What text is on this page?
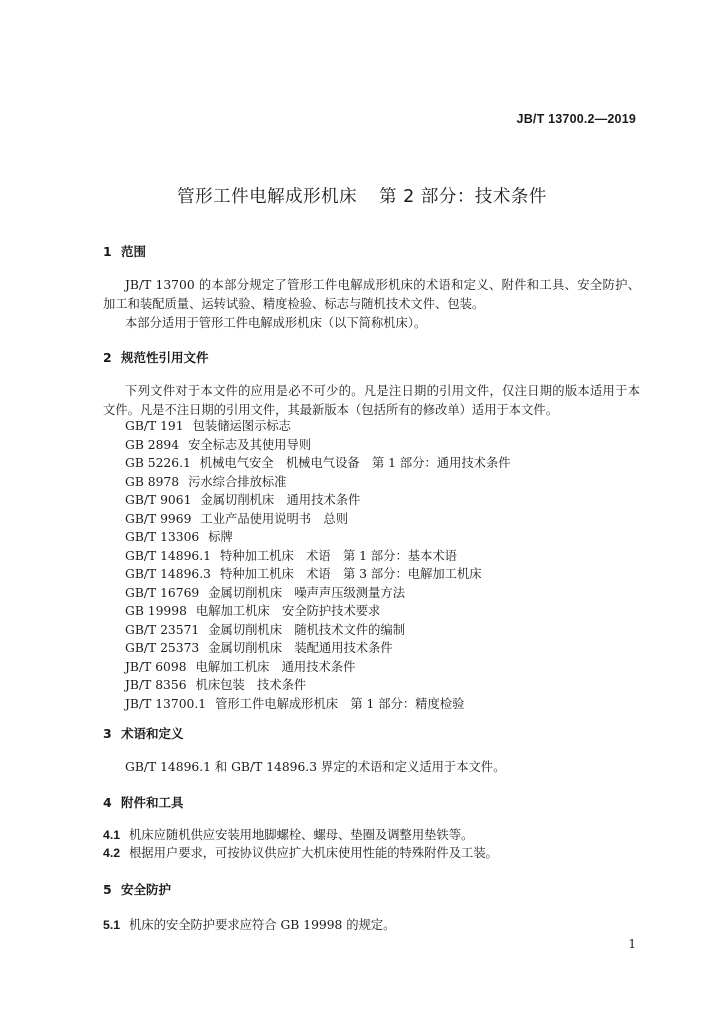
JB/T 13700.2—2019
管形工件电解成形机床 第 2 部分：技术条件
1 范围

JB/T 13700 的本部分规定了管形工件电解成形机床的术语和定义、附件和工具、安全防护、加工和装配质量、运转试验、精度检验、标志与随机技术文件、包装。

本部分适用于管形工件电解成形机床（以下简称机床）。
2 规范性引用文件

下列文件对于本文件的应用是必不可少的。凡是注日期的引用文件，仅注日期的版本适用于本文件。凡是不注日期的引用文件，其最新版本（包括所有的修改单）适用于本文件。

GB/T 191 包装储运图示标志
GB 2894 安全标志及其使用导则
GB 5226.1 机械电气安全　机械电气设备　第 1 部分：通用技术条件
GB 8978 污水综合排放标准
GB/T 9061 金属切削机床　通用技术条件
GB/T 9969 工业产品使用说明书　总则
GB/T 13306 标牌
GB/T 14896.1 特种加工机床　术语　第 1 部分：基本术语
GB/T 14896.3 特种加工机床　术语　第 3 部分：电解加工机床
GB/T 16769 金属切削机床　噪声声压级测量方法
GB 19998 电解加工机床　安全防护技术要求
GB/T 23571 金属切削机床　随机技术文件的编制
GB/T 25373 金属切削机床　装配通用技术条件
JB/T 6098 电解加工机床　通用技术条件
JB/T 8356 机床包装　技术条件
JB/T 13700.1 管形工件电解成形机床　第 1 部分：精度检验
3 术语和定义
GB/T 14896.1 和 GB/T 14896.3 界定的术语和定义适用于本文件。
4 附件和工具
4.1 机床应随机供应安装用地脚螺栓、螺母、垫圈及调整用垫铁等。
4.2 根据用户要求，可按协议供应扩大机床使用性能的特殊附件及工装。
5 安全防护
5.1 机床的安全防护要求应符合 GB 19998 的规定。
1
